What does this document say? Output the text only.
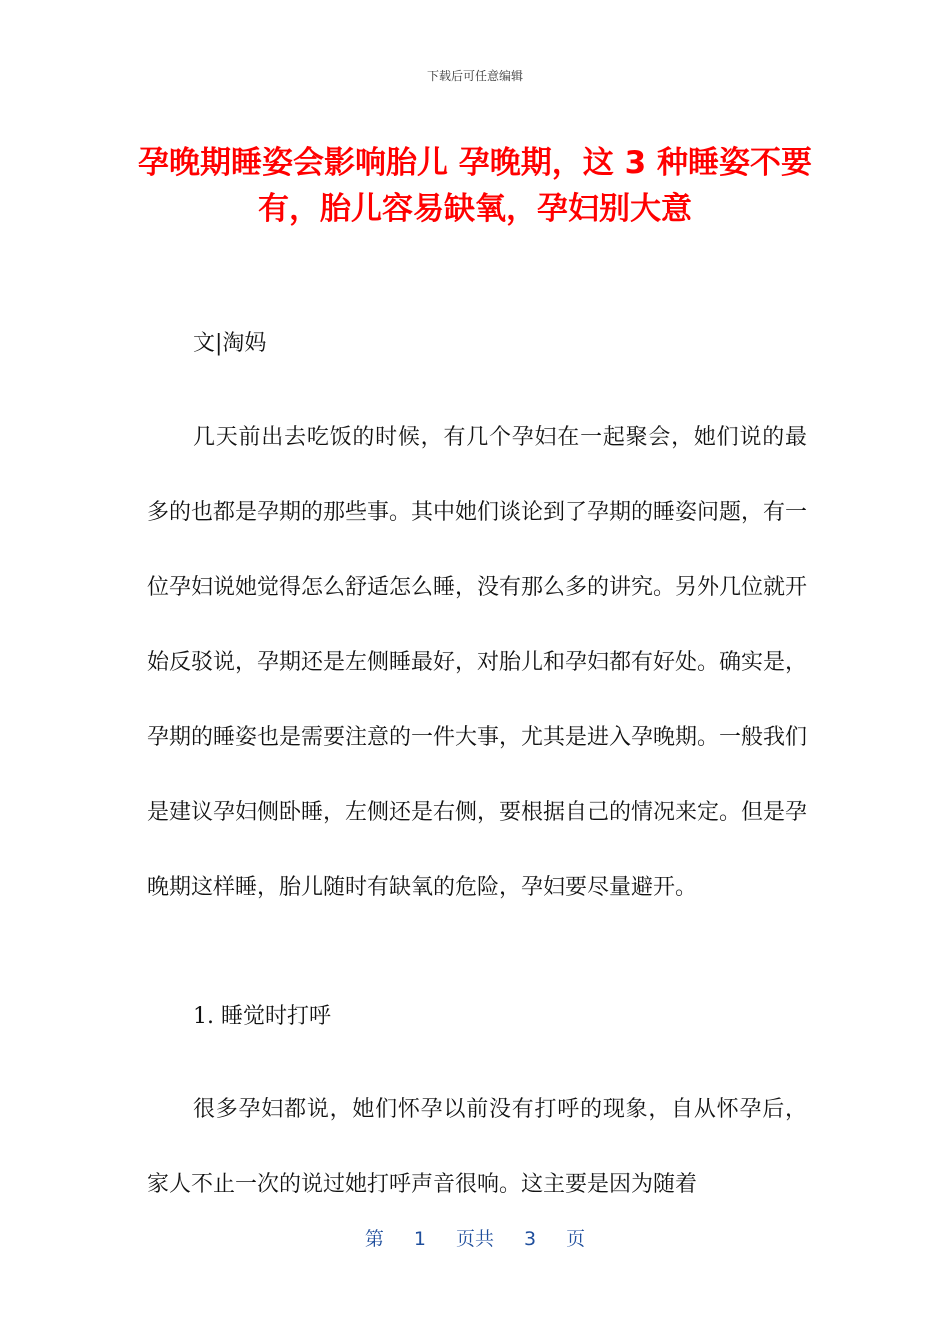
下载后可任意编辑
孕晚期睡姿会影响胎儿 孕晚期，这 3 种睡姿不要有，胎儿容易缺氧，孕妇别大意

文|淘妈

几天前出去吃饭的时候，有几个孕妇在一起聚会，她们说的最多的也都是孕期的那些事。其中她们谈论到了孕期的睡姿问题，有一位孕妇说她觉得怎么舒适怎么睡，没有那么多的讲究。另外几位就开始反驳说，孕期还是左侧睡最好，对胎儿和孕妇都有好处。确实是，孕期的睡姿也是需要注意的一件大事，尤其是进入孕晚期。一般我们是建议孕妇侧卧睡，左侧还是右侧，要根据自己的情况来定。但是孕晚期这样睡，胎儿随时有缺氧的危险，孕妇要尽量避开。

1. 睡觉时打呼

很多孕妇都说，她们怀孕以前没有打呼的现象，自从怀孕后，家人不止一次的说过她打呼声音很响。这主要是因为随着

第 1 页共 3 页
